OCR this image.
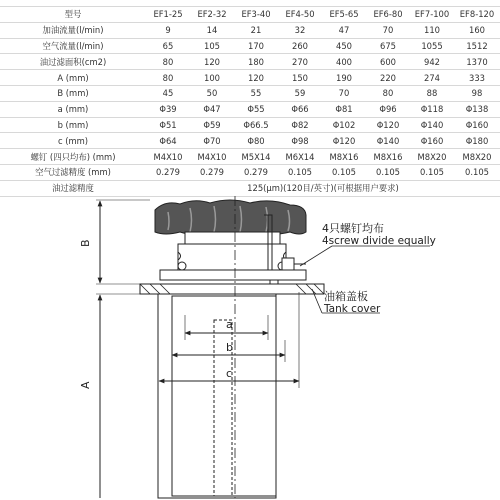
型号	EF1-25	EF2-32	EF3-40	EF4-50	EF5-65	EF6-80	EF7-100	EF8-120
加油流量(l/min)	9	14	21	32	47	70	110	160
空气流量(l/min)	65	105	170	260	450	675	1055	1512
油过滤面积(cm2)	80	120	180	270	400	600	942	1370
A (mm)	80	100	120	150	190	220	274	333
B (mm)	45	50	55	59	70	80	88	98
a (mm)	Φ39	Φ47	Φ55	Φ66	Φ81	Φ96	Φ118	Φ138
b (mm)	Φ51	Φ59	Φ66.5	Φ82	Φ102	Φ120	Φ140	Φ160
c (mm)	Φ64	Φ70	Φ80	Φ98	Φ120	Φ140	Φ160	Φ180
螺钉 (四只均布) (mm)	M4X10	M4X10	M5X14	M6X14	M8X16	M8X16	M8X20	M8X20
空气过滤精度 (mm)	0.279	0.279	0.279	0.105	0.105	0.105	0.105	0.105
油过滤精度	125(μm)(120目/英寸)(可根据用户要求)							
a
b
c
B
A
4只螺钉均布
4screw divide equally
油箱盖板
Tank cover
